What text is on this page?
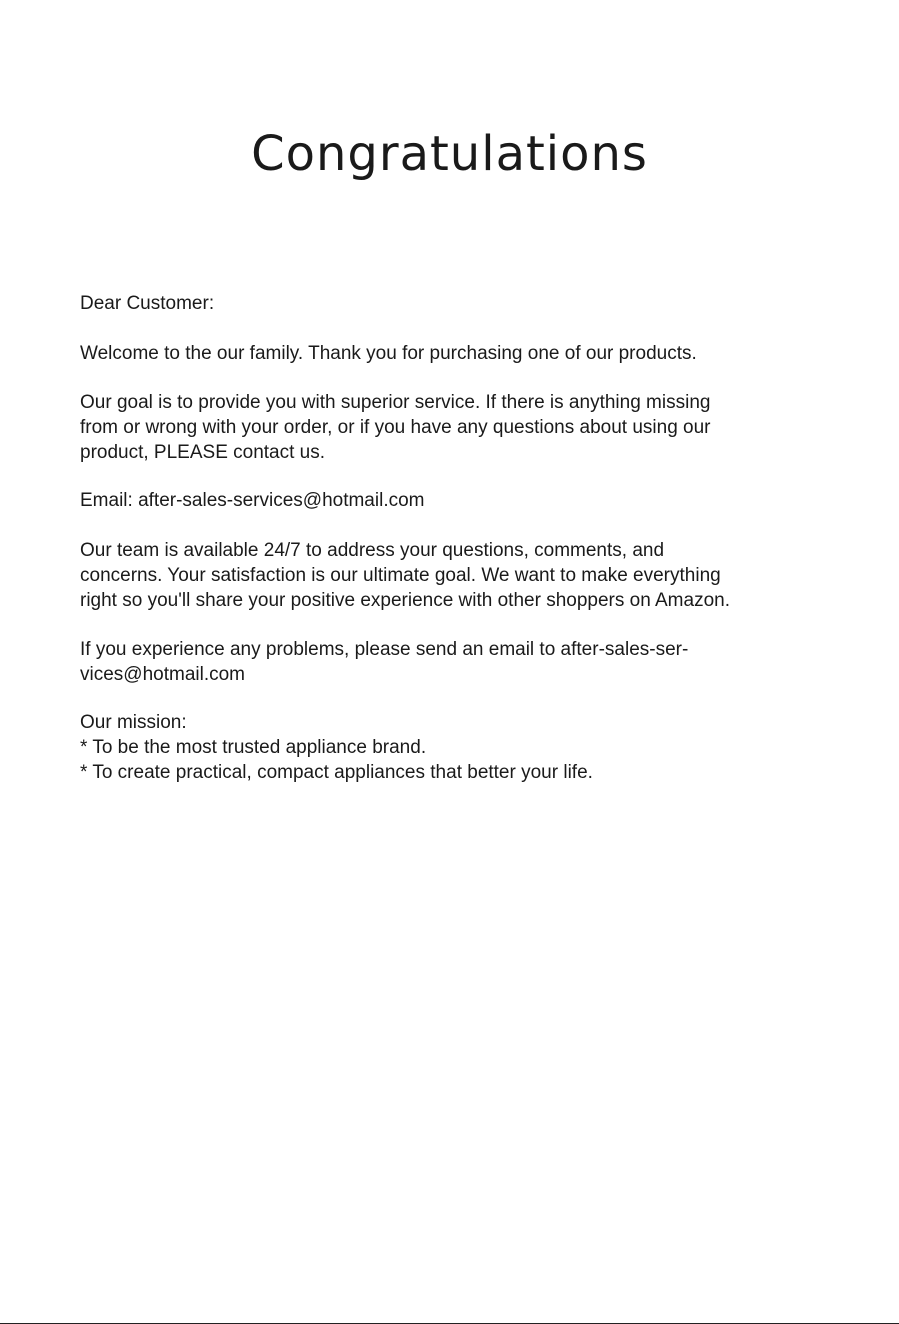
Congratulations
Dear Customer:
Welcome to the our family. Thank you for purchasing one of our products.
Our goal is to provide you with superior service. If there is anything missing
from or wrong with your order, or if you have any questions about using our
product, PLEASE contact us.
Email: after-sales-services@hotmail.com
Our team is available 24/7 to address your questions, comments, and
concerns. Your satisfaction is our ultimate goal. We want to make everything
right so you'll share your positive experience with other shoppers on Amazon.
If you experience any problems, please send an email to after-sales-ser-
vices@hotmail.com
Our mission:
* To be the most trusted appliance brand.
* To create practical, compact appliances that better your life.
